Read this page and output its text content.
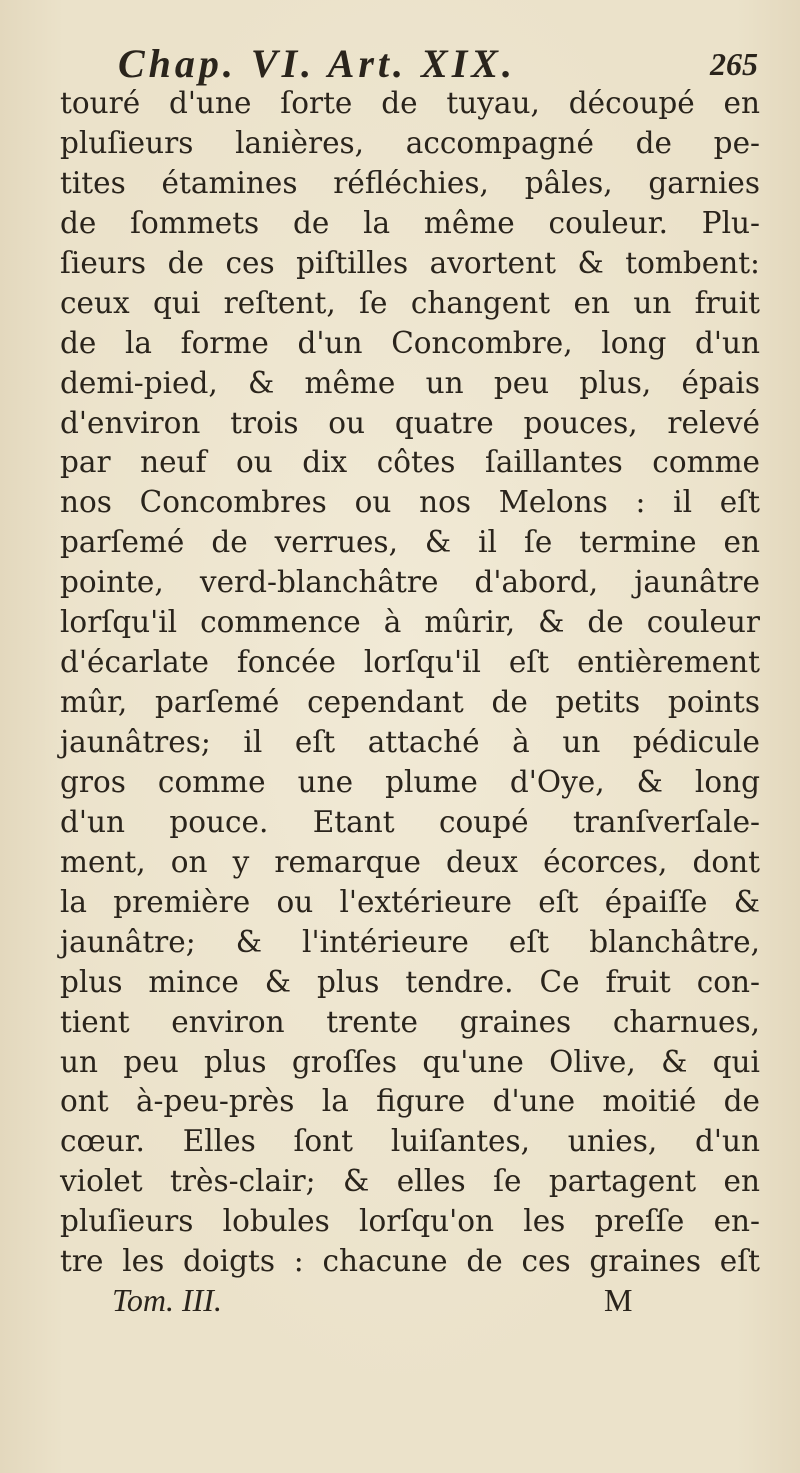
Chap. VI. Art. XIX.	265
touré d'une ſorte de tuyau, découpé en
pluſieurs lanières, accompagné de pe-
tites étamines réfléchies, pâles, garnies
de ſommets de la même couleur. Plu-
ſieurs de ces piſtilles avortent & tombent:
ceux qui reſtent, ſe changent en un fruit
de la forme d'un Concombre, long d'un
demi-pied, & même un peu plus, épais
d'environ trois ou quatre pouces, relevé
par neuf ou dix côtes ſaillantes comme
nos Concombres ou nos Melons : il eſt
parſemé de verrues, & il ſe termine en
pointe, verd-blanchâtre d'abord, jaunâtre
lorſqu'il commence à mûrir, & de couleur
d'écarlate foncée lorſqu'il eſt entièrement
mûr, parſemé cependant de petits points
jaunâtres; il eſt attaché à un pédicule
gros comme une plume d'Oye, & long
d'un pouce. Etant coupé tranſverſale-
ment, on y remarque deux écorces, dont
la première ou l'extérieure eſt épaiſſe &
jaunâtre; & l'intérieure eſt blanchâtre,
plus mince & plus tendre. Ce fruit con-
tient environ trente graines charnues,
un peu plus groſſes qu'une Olive, & qui
ont à-peu-près la figure d'une moitié de
cœur. Elles ſont luiſantes, unies, d'un
violet très-clair; & elles ſe partagent en
pluſieurs lobules lorſqu'on les preſſe en-
tre les doigts : chacune de ces graines eſt
Tom. III.	M
